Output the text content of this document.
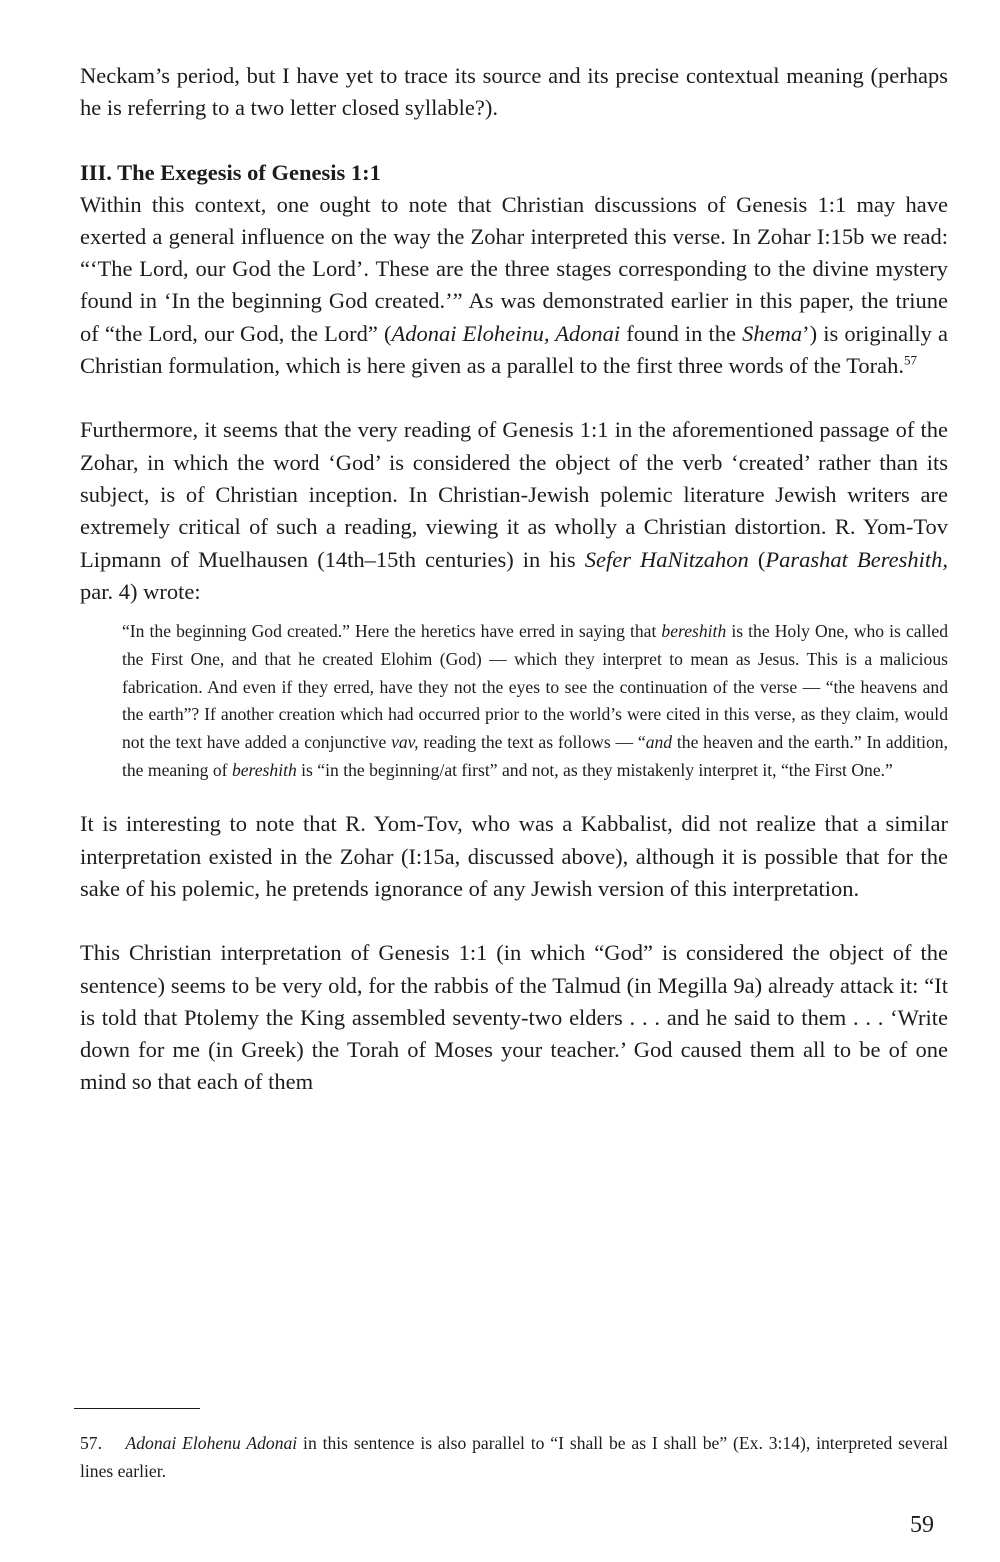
Neckam’s period, but I have yet to trace its source and its precise contextual meaning (perhaps he is referring to a two letter closed syllable?).

III. The Exegesis of Genesis 1:1

Within this context, one ought to note that Christian discussions of Genesis 1:1 may have exerted a general influence on the way the Zohar interpreted this verse. In Zohar I:15b we read: “‘The Lord, our God the Lord’. These are the three stages corresponding to the divine mystery found in ‘In the beginning God created.’” As was demonstrated earlier in this paper, the triune of “the Lord, our God, the Lord” (Adonai Eloheinu, Adonai found in the Shema’) is originally a Christian formulation, which is here given as a parallel to the first three words of the Torah.$^{57}$

Furthermore, it seems that the very reading of Genesis 1:1 in the aforementioned passage of the Zohar, in which the word ‘God’ is considered the object of the verb ‘created’ rather than its subject, is of Christian inception. In Christian-Jewish polemic literature Jewish writers are extremely critical of such a reading, viewing it as wholly a Christian distortion. R. Yom-Tov Lipmann of Muelhausen (14th–15th centuries) in his Sefer HaNitzahon (Parashat Bereshith, par. 4) wrote:

“In the beginning God created.” Here the heretics have erred in saying that bereshith is the Holy One, who is called the First One, and that he created Elohim (God) — which they interpret to mean as Jesus. This is a malicious fabrication. And even if they erred, have they not the eyes to see the continuation of the verse — “the heavens and the earth”? If another creation which had occurred prior to the world’s were cited in this verse, as they claim, would not the text have added a conjunctive vav, reading the text as follows — “and the heaven and the earth.” In addition, the meaning of bereshith is “in the beginning/at first” and not, as they mistakenly interpret it, “the First One.”

It is interesting to note that R. Yom-Tov, who was a Kabbalist, did not realize that a similar interpretation existed in the Zohar (I:15a, discussed above), although it is possible that for the sake of his polemic, he pretends ignorance of any Jewish version of this interpretation.

This Christian interpretation of Genesis 1:1 (in which “God” is considered the object of the sentence) seems to be very old, for the rabbis of the Talmud (in Megilla 9a) already attack it: “It is told that Ptolemy the King assembled seventy-two elders . . . and he said to them . . . ‘Write down for me (in Greek) the Torah of Moses your teacher.’ God caused them all to be of one mind so that each of them

57. Adonai Elohenu Adonai in this sentence is also parallel to “I shall be as I shall be” (Ex. 3:14), interpreted several lines earlier.

59
